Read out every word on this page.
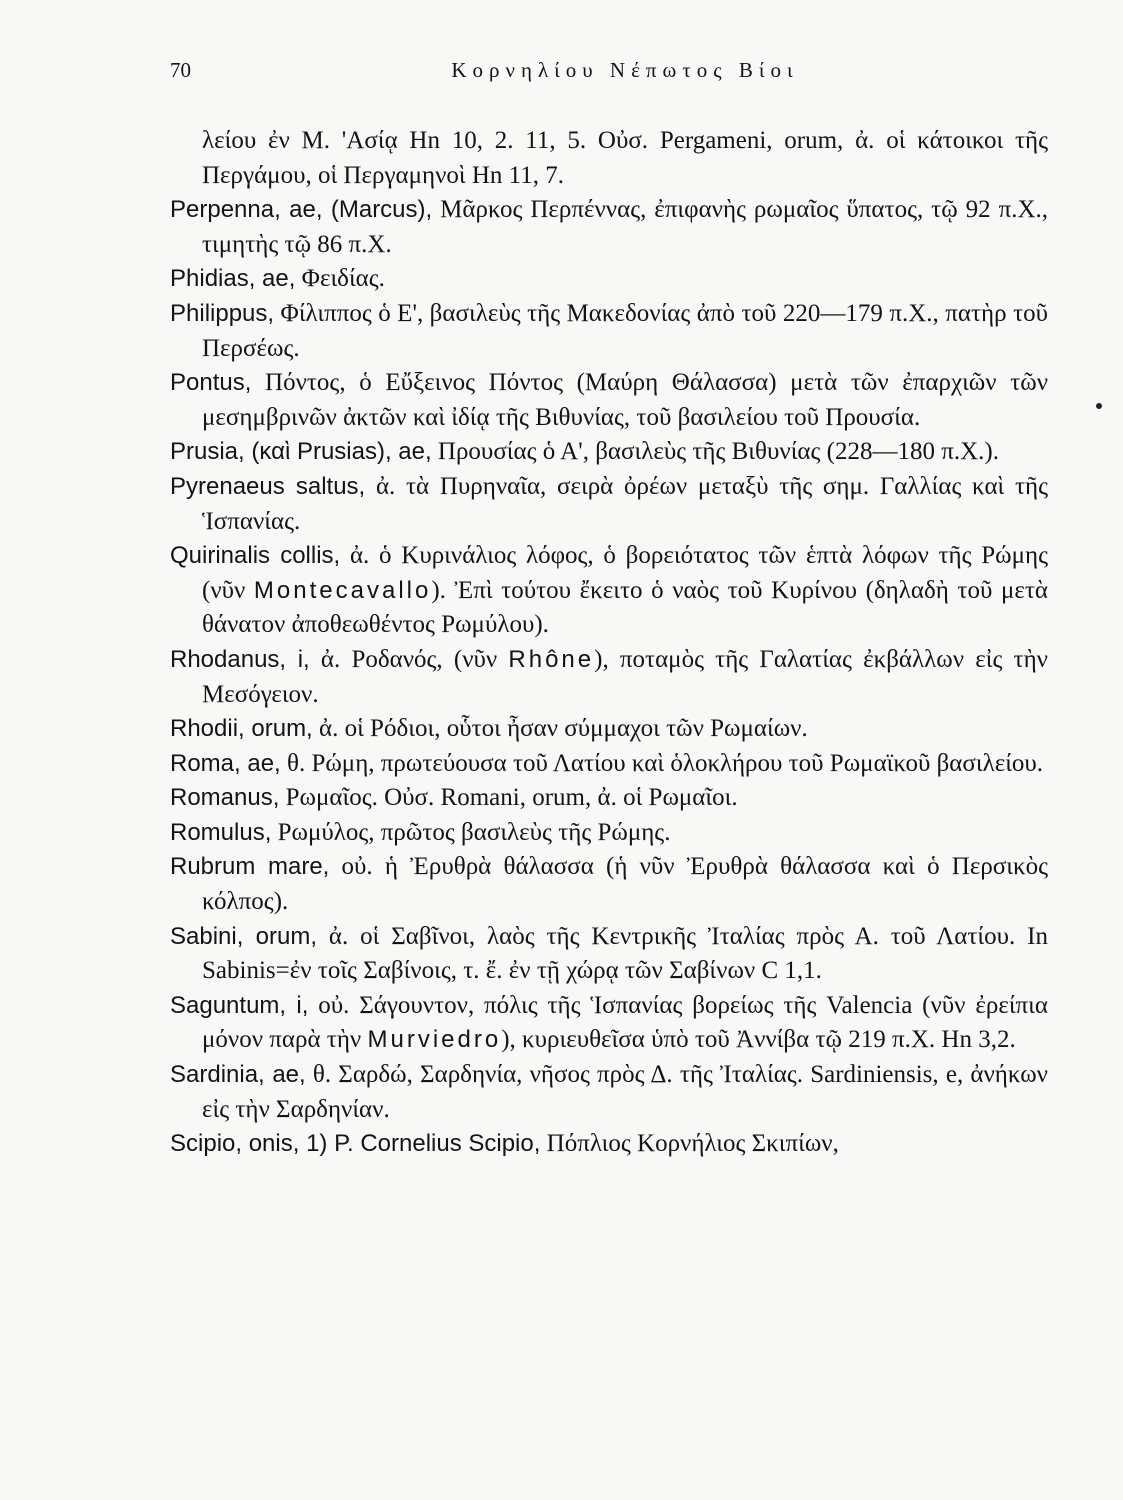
70	Κορνηλίου Νέπωτος Βίοι

λείου ἐν Μ. 'Ασίᾳ Hn 10, 2. 11, 5. Οὐσ. Pergameni, orum, ἀ. οἱ κάτοικοι τῆς Περγάμου, οἱ Περγαμηνοὶ Hn 11, 7.

Perpenna, ae, (Marcus), Μᾶρκος Περπέννας, ἐπιφανὴς ρωμαῖος ὕπατος, τῷ 92 π.Χ., τιμητὴς τῷ 86 π.Χ.

Phidias, ae, Φειδίας.

Philippus, Φίλιππος ὁ Ε', βασιλεὺς τῆς Μακεδονίας ἀπὸ τοῦ 220—179 π.Χ., πατὴρ τοῦ Περσέως.

Pontus, Πόντος, ὁ Εὔξεινος Πόντος (Μαύρη Θάλασσα) μετὰ τῶν ἐπαρχιῶν τῶν μεσημβρινῶν ἀκτῶν καὶ ἰδίᾳ τῆς Βιθυνίας, τοῦ βασιλείου τοῦ Προυσία.

Prusia, (καὶ Prusias), ae, Προυσίας ὁ Α', βασιλεὺς τῆς Βιθυνίας (228—180 π.Χ.).

Pyrenaeus saltus, ἀ. τὰ Πυρηναῖα, σειρὰ ὀρέων μεταξὺ τῆς σημ. Γαλλίας καὶ τῆς Ἱσπανίας.

Quirinalis collis, ἀ. ὁ Κυρινάλιος λόφος, ὁ βορειότατος τῶν ἑπτὰ λόφων τῆς Ρώμης (νῦν Montecavallo). Ἐπὶ τούτου ἔκειτο ὁ ναὸς τοῦ Κυρίνου (δηλαδὴ τοῦ μετὰ θάνατον ἀποθεωθέντος Ρωμύλου).

Rhodanus, i, ἀ. Ροδανός, (νῦν Rhône), ποταμὸς τῆς Γαλατίας ἐκβάλλων εἰς τὴν Μεσόγειον.

Rhodii, orum, ἀ. οἱ Ρόδιοι, οὗτοι ἦσαν σύμμαχοι τῶν Ρωμαίων.

Roma, ae, θ. Ρώμη, πρωτεύουσα τοῦ Λατίου καὶ ὁλοκλήρου τοῦ Ρωμαϊκοῦ βασιλείου.

Romanus, Ρωμαῖος. Οὐσ. Romani, orum, ἀ. οἱ Ρωμαῖοι.

Romulus, Ρωμύλος, πρῶτος βασιλεὺς τῆς Ρώμης.

Rubrum mare, οὐ. ἡ Ἐρυθρὰ θάλασσα (ἡ νῦν Ἐρυθρὰ θάλασσα καὶ ὁ Περσικὸς κόλπος).

Sabini, orum, ἀ. οἱ Σαβῖνοι, λαὸς τῆς Κεντρικῆς Ἰταλίας πρὸς Α. τοῦ Λατίου. In Sabinis=ἐν τοῖς Σαβίνοις, τ. ἔ. ἐν τῇ χώρᾳ τῶν Σαβίνων C 1,1.

Saguntum, i, οὐ. Σάγουντον, πόλις τῆς Ἱσπανίας βορείως τῆς Valencia (νῦν ἐρείπια μόνον παρὰ τὴν Murviedro), κυριευθεῖσα ὑπὸ τοῦ Ἀννίβα τῷ 219 π.Χ. Hn 3,2.

Sardinia, ae, θ. Σαρδώ, Σαρδηνία, νῆσος πρὸς Δ. τῆς Ἰταλίας. Sardiniensis, e, ἀνήκων εἰς τὴν Σαρδηνίαν.

Scipio, onis, 1) P. Cornelius Scipio, Πόπλιος Κορνήλιος Σκιπίων,
